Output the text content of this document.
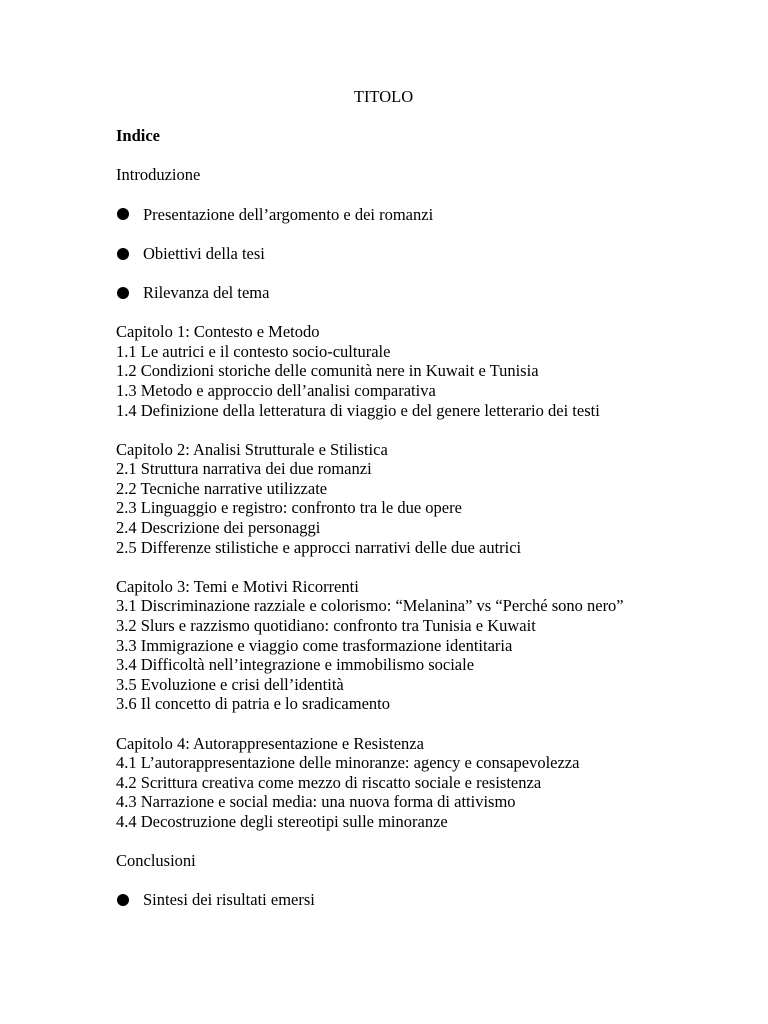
TITOLO

Indice

Introduzione

Presentazione dell’argomento e dei romanzi
Obiettivi della tesi
Rilevanza del tema

Capitolo 1: Contesto e Metodo

1.1 Le autrici e il contesto socio-culturale

1.2 Condizioni storiche delle comunità nere in Kuwait e Tunisia

1.3 Metodo e approccio dell’analisi comparativa

1.4 Definizione della letteratura di viaggio e del genere letterario dei testi

Capitolo 2: Analisi Strutturale e Stilistica

2.1 Struttura narrativa dei due romanzi

2.2 Tecniche narrative utilizzate

2.3 Linguaggio e registro: confronto tra le due opere

2.4 Descrizione dei personaggi

2.5 Differenze stilistiche e approcci narrativi delle due autrici

Capitolo 3: Temi e Motivi Ricorrenti

3.1 Discriminazione razziale e colorismo: “Melanina” vs “Perché sono nero”

3.2 Slurs e razzismo quotidiano: confronto tra Tunisia e Kuwait

3.3 Immigrazione e viaggio come trasformazione identitaria

3.4 Difficoltà nell’integrazione e immobilismo sociale

3.5 Evoluzione e crisi dell’identità

3.6 Il concetto di patria e lo sradicamento

Capitolo 4: Autorappresentazione e Resistenza

4.1 L’autorappresentazione delle minoranze: agency e consapevolezza

4.2 Scrittura creativa come mezzo di riscatto sociale e resistenza

4.3 Narrazione e social media: una nuova forma di attivismo

4.4 Decostruzione degli stereotipi sulle minoranze

Conclusioni

Sintesi dei risultati emersi
